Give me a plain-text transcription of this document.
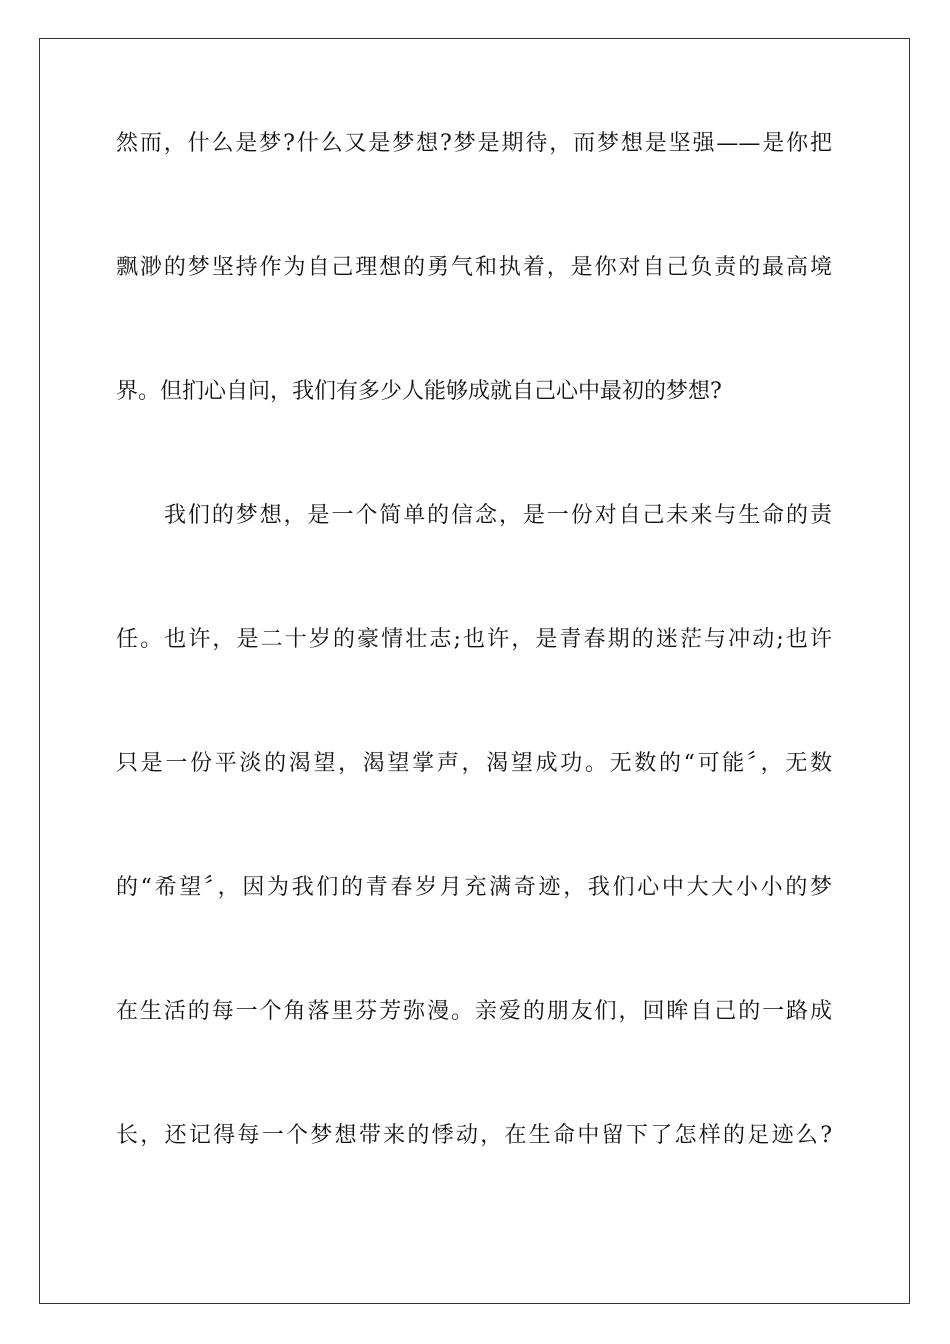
然而，什么是梦?什么又是梦想?梦是期待，而梦想是坚强——是你把
飘渺的梦坚持作为自己理想的勇气和执着，是你对自己负责的最高境
界。但扪心自问，我们有多少人能够成就自己心中最初的梦想?
我们的梦想，是一个简单的信念，是一份对自己未来与生命的责
任。也许，是二十岁的豪情壮志;也许，是青春期的迷茫与冲动;也许
只是一份平淡的渴望，渴望掌声，渴望成功。无数的“可能〞，无数
的“希望〞，因为我们的青春岁月充满奇迹，我们心中大大小小的梦
在生活的每一个角落里芬芳弥漫。亲爱的朋友们，回眸自己的一路成
长，还记得每一个梦想带来的悸动，在生命中留下了怎样的足迹么?
